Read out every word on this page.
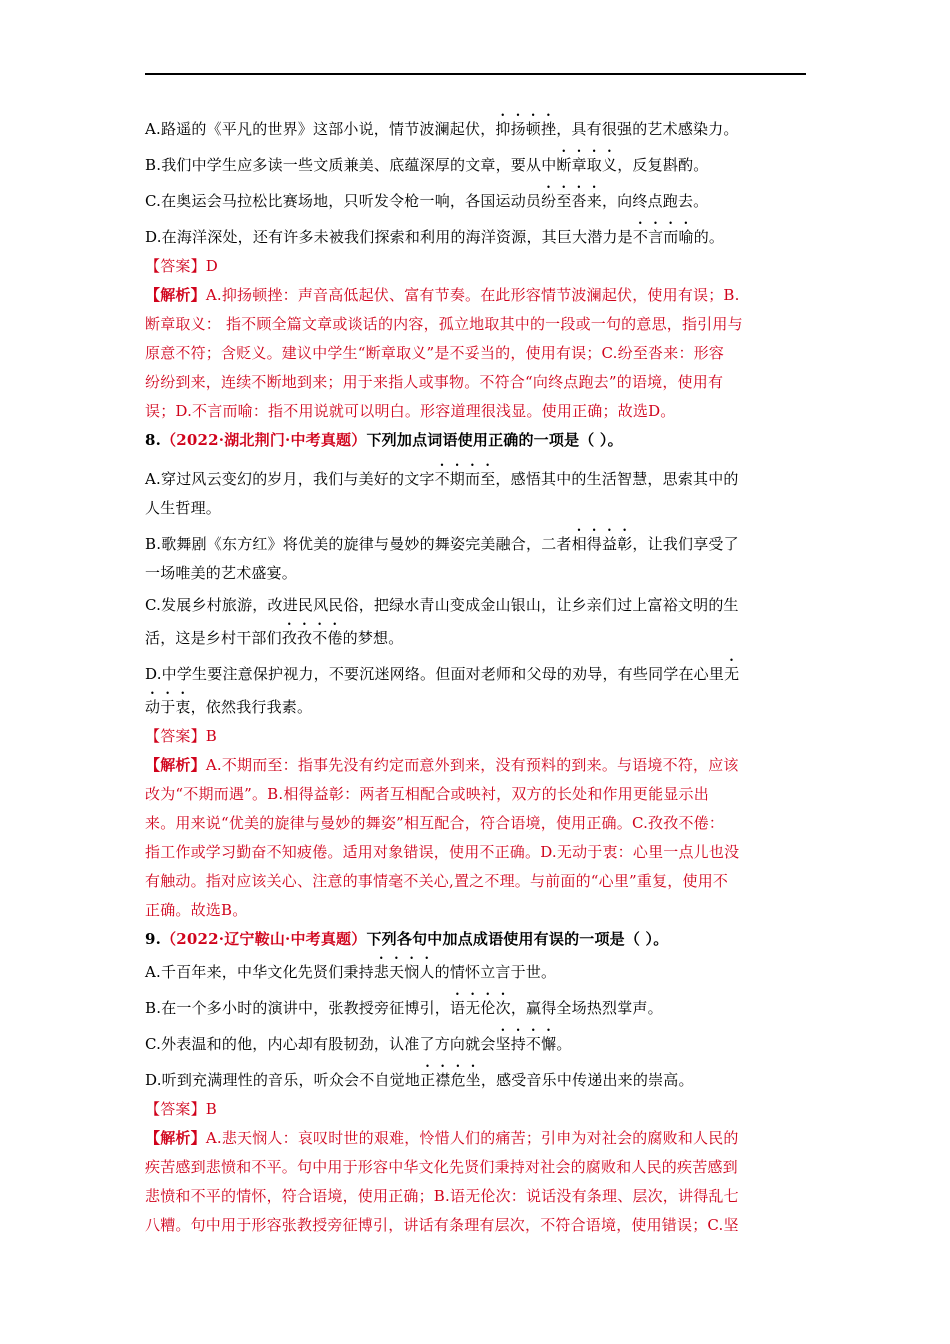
A.路遥的《平凡的世界》这部小说，情节波澜起伏，抑扬顿挫，具有很强的艺术感染力。
B.我们中学生应多读一些文质兼美、底蕴深厚的文章，要从中断章取义，反复斟酌。
C.在奥运会马拉松比赛场地，只听发令枪一响，各国运动员纷至沓来，向终点跑去。
D.在海洋深处，还有许多未被我们探索和利用的海洋资源，其巨大潜力是不言而喻的。
【答案】D
【解析】A.抑扬顿挫：声音高低起伏、富有节奏。在此形容情节波澜起伏，使用有误；B.
断章取义： 指不顾全篇文章或谈话的内容，孤立地取其中的一段或一句的意思，指引用与
原意不符；含贬义。建议中学生“断章取义”是不妥当的，使用有误；C.纷至沓来：形容
纷纷到来，连续不断地到来；用于来指人或事物。不符合“向终点跑去”的语境，使用有
误；D.不言而喻：指不用说就可以明白。形容道理很浅显。使用正确；故选D。
8.（2022·湖北荆门·中考真题）下列加点词语使用正确的一项是（ ）。
A.穿过风云变幻的岁月，我们与美好的文字不期而至，感悟其中的生活智慧，思索其中的
人生哲理。
B.歌舞剧《东方红》将优美的旋律与曼妙的舞姿完美融合，二者相得益彰，让我们享受了
一场唯美的艺术盛宴。
C.发展乡村旅游，改进民风民俗，把绿水青山变成金山银山，让乡亲们过上富裕文明的生
活，这是乡村干部们孜孜不倦的梦想。
D.中学生要注意保护视力，不要沉迷网络。但面对老师和父母的劝导，有些同学在心里无
动于衷，依然我行我素。
【答案】B
【解析】A.不期而至：指事先没有约定而意外到来，没有预料的到来。与语境不符，应该
改为“不期而遇”。B.相得益彰：两者互相配合或映衬，双方的长处和作用更能显示出
来。用来说“优美的旋律与曼妙的舞姿”相互配合，符合语境，使用正确。C.孜孜不倦：
指工作或学习勤奋不知疲倦。适用对象错误，使用不正确。D.无动于衷：心里一点儿也没
有触动。指对应该关心、注意的事情毫不关心,置之不理。与前面的“心里”重复，使用不
正确。故选B。
9.（2022·辽宁鞍山·中考真题）下列各句中加点成语使用有误的一项是（ ）。
A.千百年来，中华文化先贤们秉持悲天悯人的情怀立言于世。
B.在一个多小时的演讲中，张教授旁征博引，语无伦次，赢得全场热烈掌声。
C.外表温和的他，内心却有股韧劲，认准了方向就会坚持不懈。
D.听到充满理性的音乐，听众会不自觉地正襟危坐，感受音乐中传递出来的崇高。
【答案】B
【解析】A.悲天悯人：哀叹时世的艰难，怜惜人们的痛苦；引申为对社会的腐败和人民的
疾苦感到悲愤和不平。句中用于形容中华文化先贤们秉持对社会的腐败和人民的疾苦感到
悲愤和不平的情怀，符合语境，使用正确；B.语无伦次：说话没有条理、层次，讲得乱七
八糟。句中用于形容张教授旁征博引，讲话有条理有层次，不符合语境，使用错误；C.坚
